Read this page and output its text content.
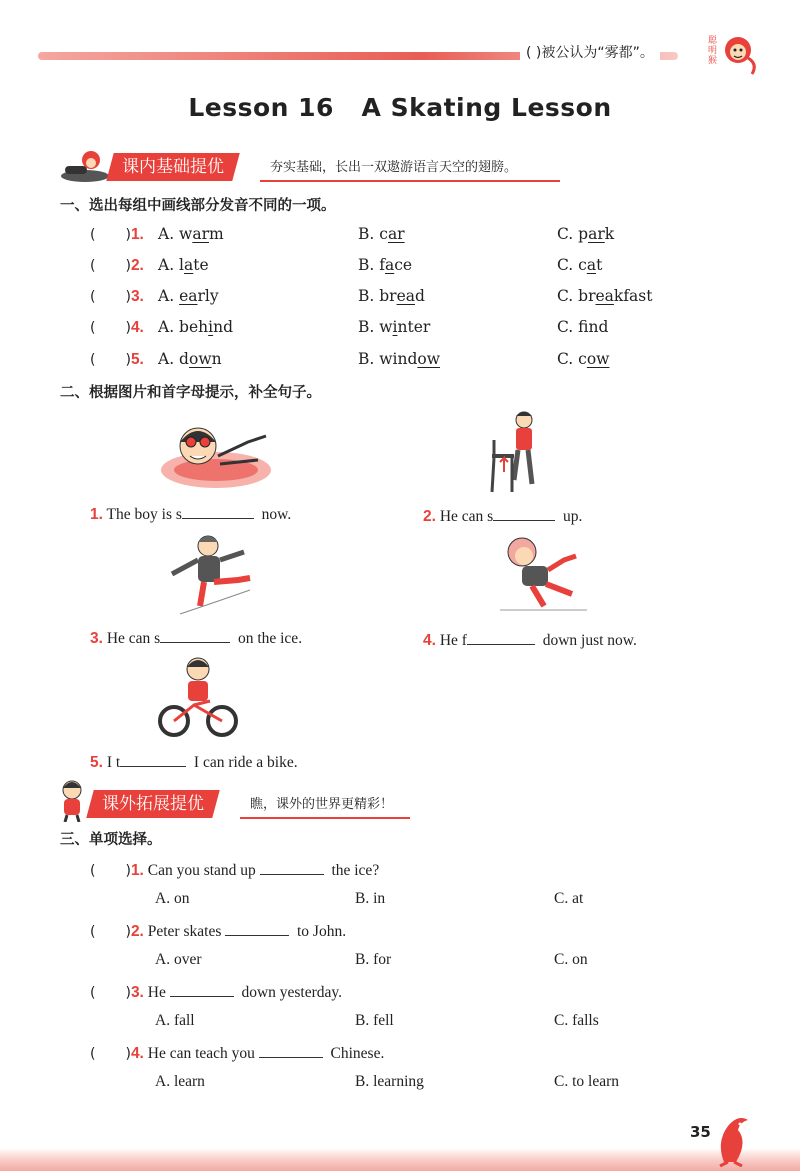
( )被公认为“雾都”。
聪明猴
Lesson 16   A Skating Lesson
课内基础提优	夯实基础，长出一双遨游语言天空的翅膀。
一、选出每组中画线部分发音不同的一项。
( )1. A. warm	B. car	C. park
( )2. A. late	B. face	C. cat
( )3. A. early	B. bread	C. breakfast
( )4. A. behind	B. winter	C. fnd
( )5. A. down	B. window	C. cow
二、根据图片和首字母提示，补全句子。
1. The boy is s	now.	2. He can s	up.
3. He can s	on the ice.	4. He f	down just now.
5. I t	I can ride a bike.
课外拓展提优	瞧，课外的世界更精彩！
三、单项选择。
( )1. Can you stand up	the ice?
A. on	B. in	C. at
( )2. Peter skates	to John.
A. over	B. for	C. on
( )3. He	down yesterday.
A. fall	B. fell	C. falls
( )4. He can teach you	Chinese.
A. learn	B. learning	C. to learn
35
